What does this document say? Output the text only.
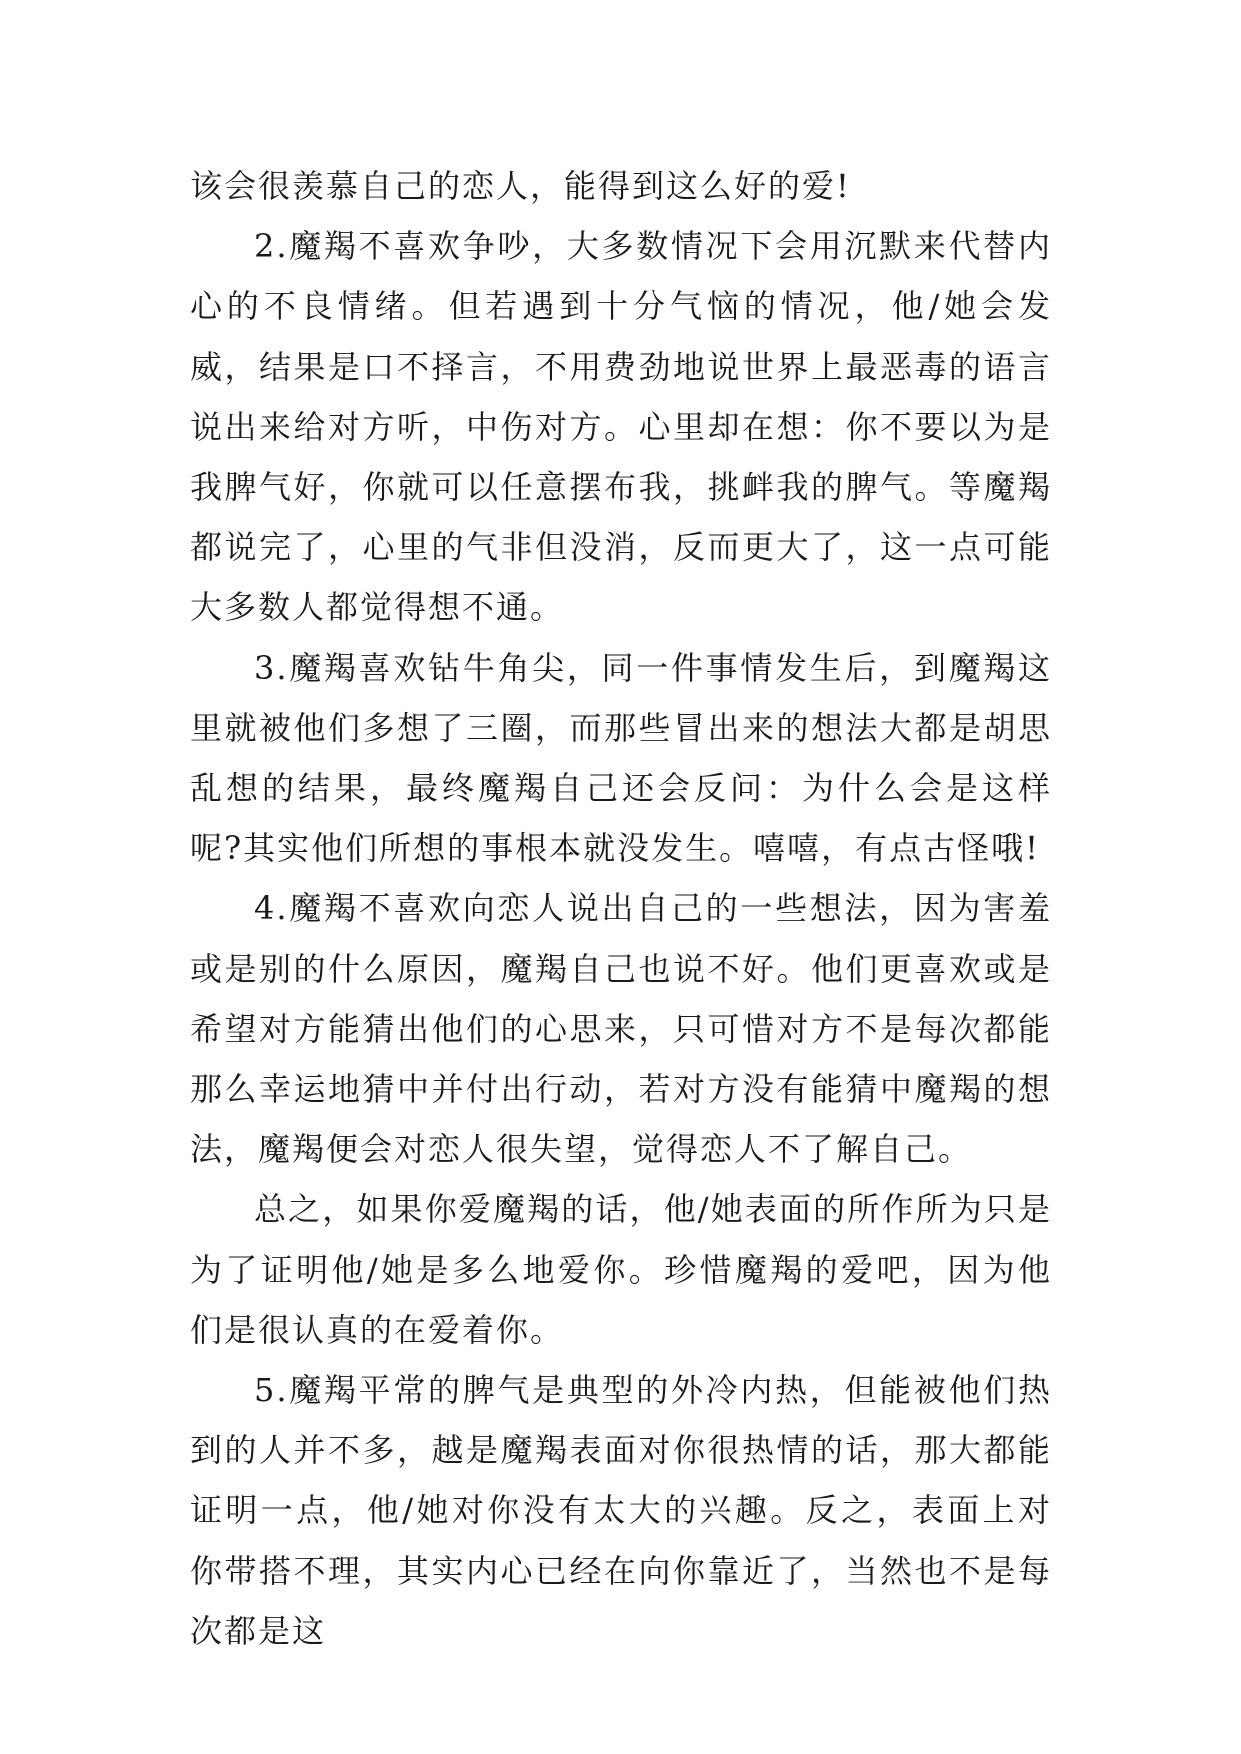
该会很羡慕自己的恋人，能得到这么好的爱!

2.魔羯不喜欢争吵，大多数情况下会用沉默来代替内心的不良情绪。但若遇到十分气恼的情况，他/她会发威，结果是口不择言，不用费劲地说世界上最恶毒的语言说出来给对方听，中伤对方。心里却在想：你不要以为是我脾气好，你就可以任意摆布我，挑衅我的脾气。等魔羯都说完了，心里的气非但没消，反而更大了，这一点可能大多数人都觉得想不通。

3.魔羯喜欢钻牛角尖，同一件事情发生后，到魔羯这里就被他们多想了三圈，而那些冒出来的想法大都是胡思乱想的结果，最终魔羯自己还会反问：为什么会是这样呢?其实他们所想的事根本就没发生。嘻嘻，有点古怪哦!

4.魔羯不喜欢向恋人说出自己的一些想法，因为害羞或是别的什么原因，魔羯自己也说不好。他们更喜欢或是希望对方能猜出他们的心思来，只可惜对方不是每次都能那么幸运地猜中并付出行动，若对方没有能猜中魔羯的想法，魔羯便会对恋人很失望，觉得恋人不了解自己。

总之，如果你爱魔羯的话，他/她表面的所作所为只是为了证明他/她是多么地爱你。珍惜魔羯的爱吧，因为他们是很认真的在爱着你。

5.魔羯平常的脾气是典型的外冷内热，但能被他们热到的人并不多，越是魔羯表面对你很热情的话，那大都能证明一点，他/她对你没有太大的兴趣。反之，表面上对你带搭不理，其实内心已经在向你靠近了，当然也不是每次都是这
